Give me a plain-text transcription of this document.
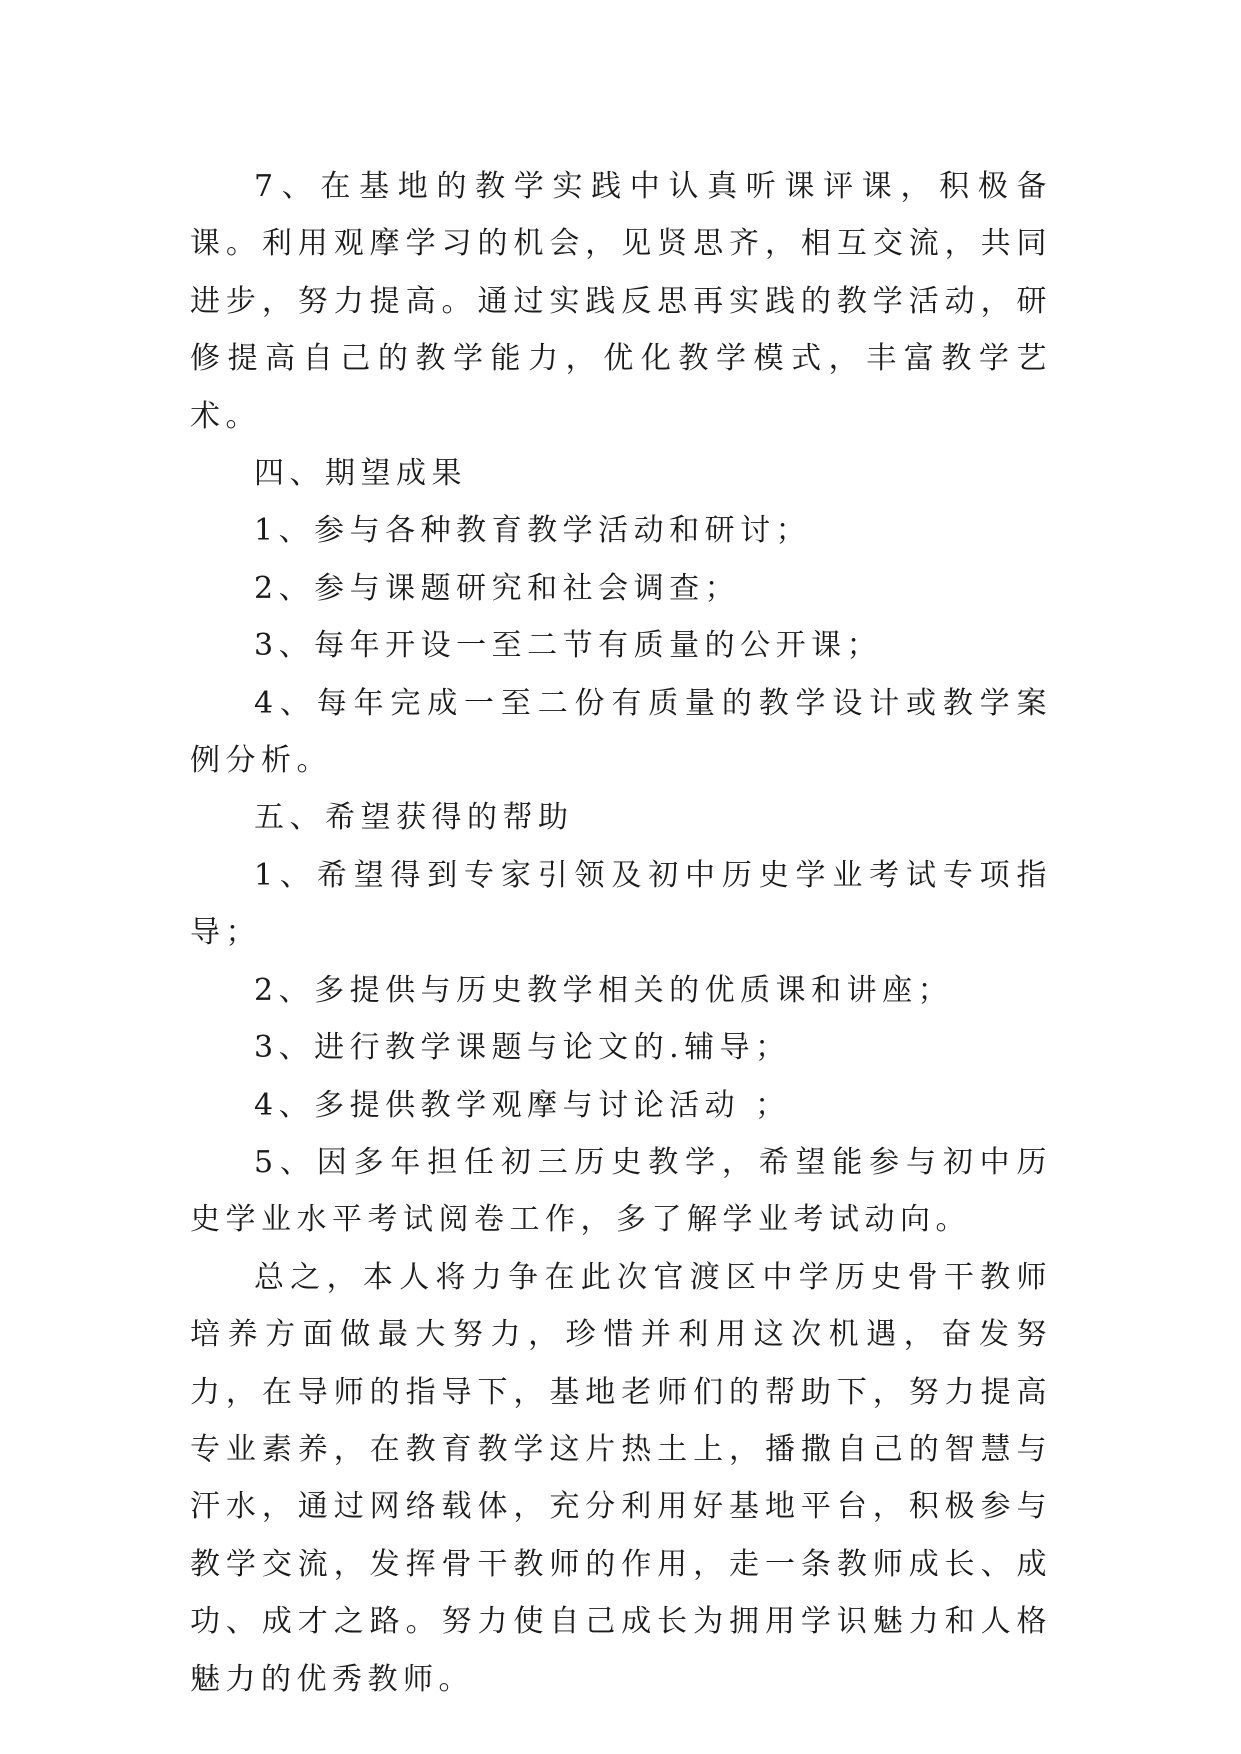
7、在基地的教学实践中认真听课评课，积极备课。利用观摩学习的机会，见贤思齐，相互交流，共同进步，努力提高。通过实践反思再实践的教学活动，研修提高自己的教学能力，优化教学模式，丰富教学艺术。

四、期望成果

1、参与各种教育教学活动和研讨；

2、参与课题研究和社会调查；

3、每年开设一至二节有质量的公开课；

4、每年完成一至二份有质量的教学设计或教学案例分析。

五、希望获得的帮助

1、希望得到专家引领及初中历史学业考试专项指导；

2、多提供与历史教学相关的优质课和讲座；

3、进行教学课题与论文的.辅导；

4、多提供教学观摩与讨论活动 ；

5、因多年担任初三历史教学，希望能参与初中历史学业水平考试阅卷工作，多了解学业考试动向。

总之，本人将力争在此次官渡区中学历史骨干教师培养方面做最大努力，珍惜并利用这次机遇，奋发努力，在导师的指导下，基地老师们的帮助下，努力提高专业素养，在教育教学这片热土上，播撒自己的智慧与汗水，通过网络载体，充分利用好基地平台，积极参与教学交流，发挥骨干教师的作用，走一条教师成长、成功、成才之路。努力使自己成长为拥用学识魅力和人格魅力的优秀教师。
